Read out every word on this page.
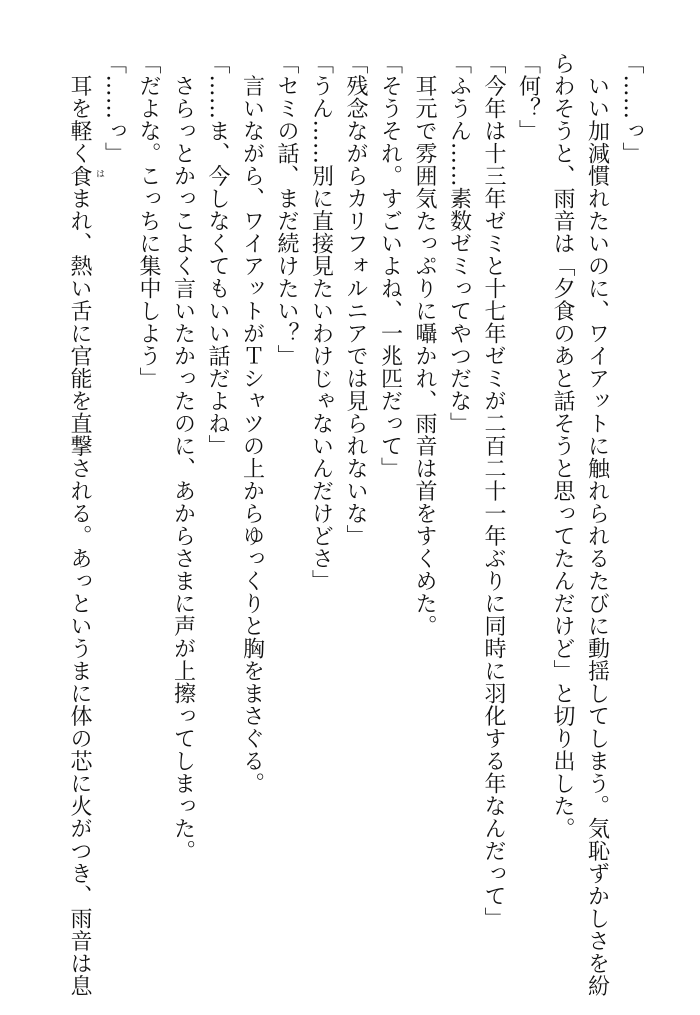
「……っ」
　いい加減慣れたいのに、ワイアットに触れられるたびに動揺してしまう。気恥ずかしさを紛
らわそうと、雨音は「夕食のあと話そうと思ってたんだけど」と切り出した。
「何？」
「今年は十三年ゼミと十七年ゼミが二百二十一年ぶりに同時に羽化する年なんだって」
「ふうん……素数ゼミってやつだな」
　耳元で雰囲気たっぷりに囁かれ、雨音は首をすくめた。
「そうそれ。すごいよね、一兆匹だって」
「残念ながらカリフォルニアでは見られないな」
「うん……別に直接見たいわけじゃないんだけどさ」
「セミの話、まだ続けたい？」
　言いながら、ワイアットがＴシャツの上からゆっくりと胸をまさぐる。
「……ま、今しなくてもいい話だよね」
　さらっとかっこよく言いたかったのに、あからさまに声が上擦ってしまった。
「だよな。こっちに集中しよう」
「……っ」
　耳を軽く食 は
まれ、熱い舌に官能を直撃される。あっというまに体の芯に火がつき、雨音は息
